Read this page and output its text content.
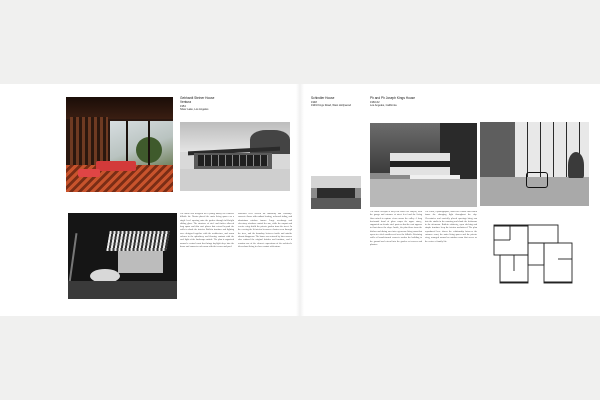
Gebhardt Steiner House
Ventura
1954
Silver Lake, Los Angeles
The house was designed for a young family on a narrow hillside lot. Neutra placed the main living spaces on a single level opening onto the garden through full-height sliding glass. The structure of steel and timber allowed long spans and thin roof planes that extend beyond the walls to shade the interior. Built-in furniture and lighting were designed together with the architecture, and warm colours in the upholstery and flooring contrast with the cool light of the landscape outside. The plan is organised around a central court that brings daylight deep into the house and connects each room with the terrace and pool.
Materials were chosen for durability and economy: concrete floors with radiant heating, redwood siding, and aluminium window frames. Large overhangs and clerestory windows control the sun, while the carport and service wing shield the private garden from the street. In the evening the lit interior becomes a lantern seen through the trees, and the boundary between inside and outside almost disappears. The house was restored by later owners who retained the original finishes and furniture, and it remains one of the clearest expressions of the architect's ideas about living in close contact with nature.
Schindler House
1948
1949 Kings Road, West Hollywood
Ph and Ph Joseph Kings House
1960-62
Los Angeles, California
The house occupies a steep site above the canyon, with the garage and entrance at street level and the living floor raised to capture views across the valley. A long horizontal band of glass wraps the upper storey, supported on slender steel posts so that the roof appears to float above the slope. Inside, the plan flows from the kitchen and dining area into a generous living room that opens to a deck cantilevered over the hillside. Retaining walls of board-formed concrete anchor the building to the ground and extend into the garden as terraces and planters.
The client, a photographer, asked for a house that would frame the changing light throughout the day. Clerestories and carefully placed openings bring sun into the studio in the morning and shade the bedrooms in the afternoon. Built-in cabinetry, open shelving and simple furniture keep the interior uncluttered. The plan reproduced here shows the relationship between the entrance court, the main living spaces and the private wing, arranged around an outdoor room that serves as the centre of family life.
